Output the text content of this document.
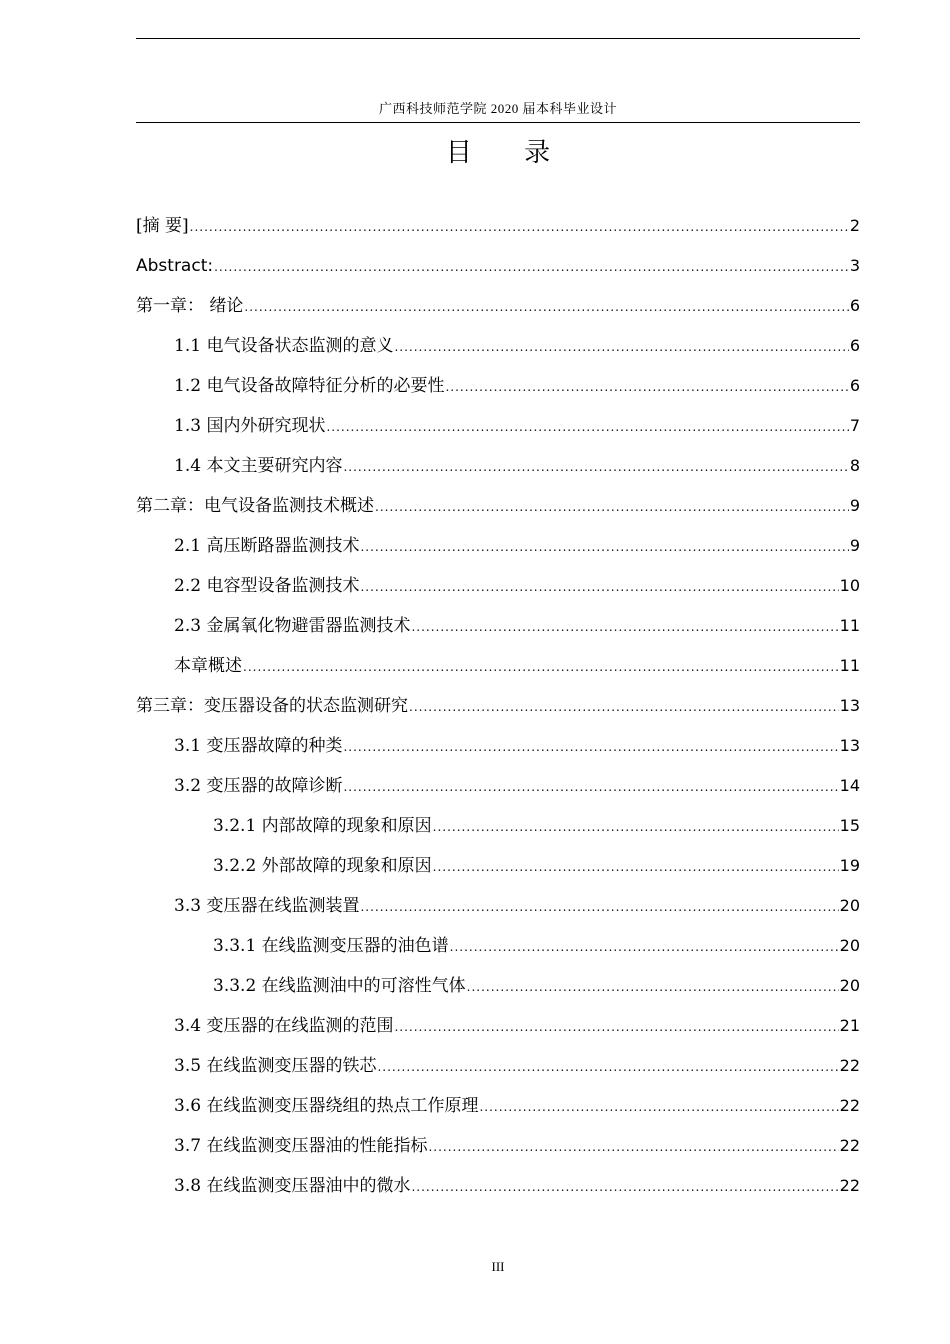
广西科技师范学院 2020 届本科毕业设计
目 录
[摘 要] .....	2
Abstract: .....	3
第一章： 绪论 .....	6
1.1 电气设备状态监测的意义 .....	6
1.2 电气设备故障特征分析的必要性 .....	6
1.3 国内外研究现状 .....	7
1.4 本文主要研究内容 .....	8
第二章：电气设备监测技术概述 .....	9
2.1 高压断路器监测技术 .....	9
2.2 电容型设备监测技术 .....	10
2.3 金属氧化物避雷器监测技术 .....	11
本章概述 .....	11
第三章：变压器设备的状态监测研究 .....	13
3.1 变压器故障的种类 .....	13
3.2 变压器的故障诊断 .....	14
3.2.1 内部故障的现象和原因 .....	15
3.2.2 外部故障的现象和原因 .....	19
3.3 变压器在线监测装置 .....	20
3.3.1 在线监测变压器的油色谱 .....	20
3.3.2 在线监测油中的可溶性气体 .....	20
3.4 变压器的在线监测的范围 .....	21
3.5 在线监测变压器的铁芯 .....	22
3.6 在线监测变压器绕组的热点工作原理 .....	22
3.7 在线监测变压器油的性能指标 .....	22
3.8 在线监测变压器油中的微水 .....	22
III
